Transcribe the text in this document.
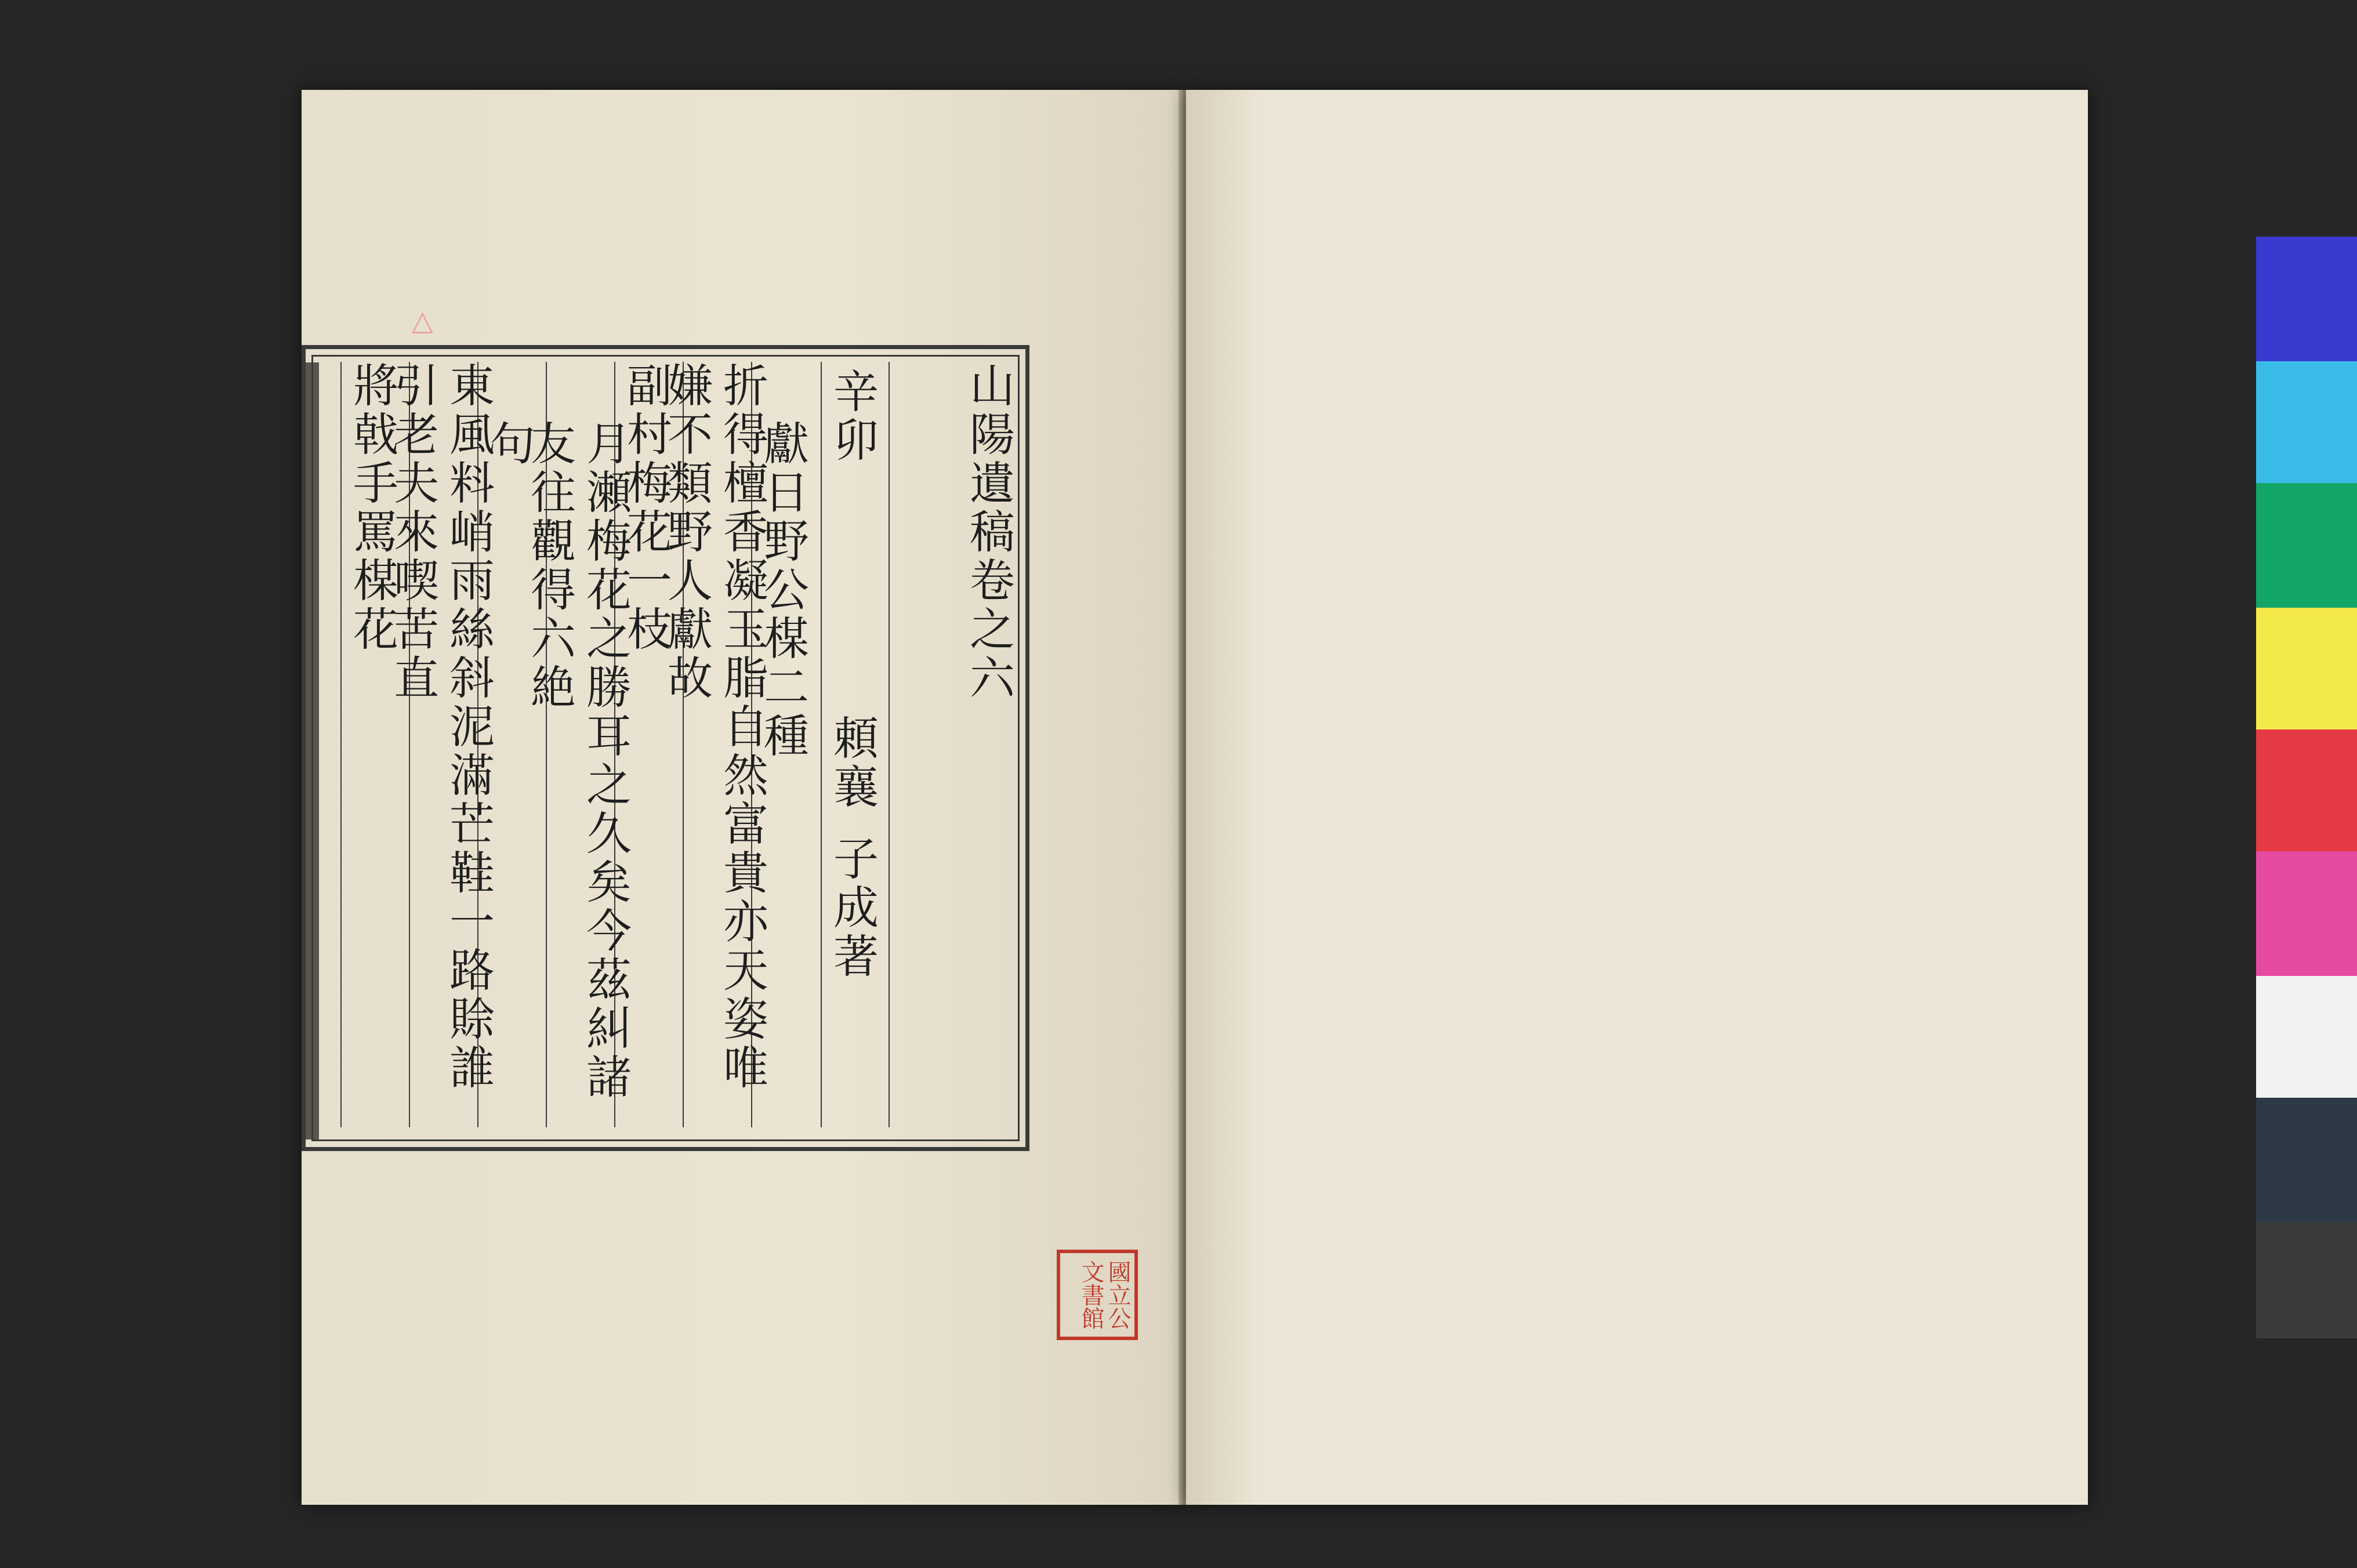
△
山陽遺稿卷之六
辛卯
頼襄
子成著
獻日野公楳二種
折得檀香凝玉脂自然富貴亦天姿唯嫌不類野人獻故
副村梅花一枝
月瀬梅花之勝耳之久矣今茲糾諸友往觀得六絶
句
東風料峭雨絲斜泥滿芒鞋一路賒誰引老夫來喫苦直
將戟手罵楳花
國立公文書館
